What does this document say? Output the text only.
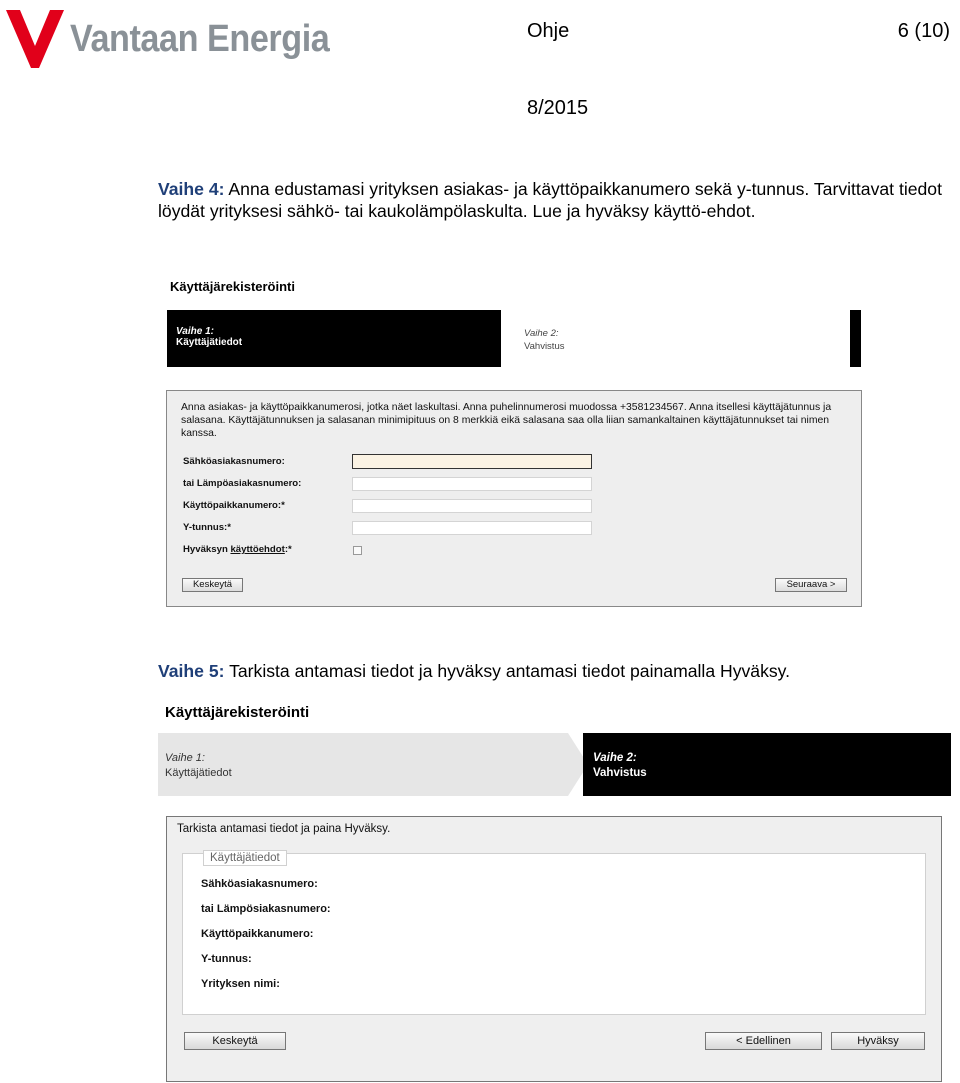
Vantaan Energia	Ohje	6 (10)
8/2015
Vaihe 4: Anna edustamasi yrityksen asiakas- ja käyttöpaikkanumero sekä y-tunnus. Tarvittavat tiedot löydät yrityksesi sähkö- tai kaukolämpölaskulta. Lue ja hyväksy käyttö-ehdot.
Käyttäjärekisteröinti
Vaihe 1:
Käyttäjätiedot
Vaihe 2:
Vahvistus
Anna asiakas- ja käyttöpaikkanumerosi, jotka näet laskultasi. Anna puhelinnumerosi muodossa +3581234567. Anna itsellesi käyttäjätunnus ja salasana. Käyttäjätunnuksen ja salasanan minimipituus on 8 merkkiä eikä salasana saa olla liian samankaltainen käyttäjätunnukset tai nimen kanssa.
Sähköasiakasnumero:
tai Lämpöasiakasnumero:
Käyttöpaikkanumero:*
Y-tunnus:*
Hyväksyn käyttöehdot:*
Keskeytä	Seuraava >
Vaihe 5: Tarkista antamasi tiedot ja hyväksy antamasi tiedot painamalla Hyväksy.
Käyttäjärekisteröinti
Vaihe 1:
Käyttäjätiedot
Vaihe 2:
Vahvistus
Tarkista antamasi tiedot ja paina Hyväksy.
Käyttäjätiedot
Sähköasiakasnumero:
tai Lämpösiakasnumero:
Käyttöpaikkanumero:
Y-tunnus:
Yrityksen nimi:
Keskeytä	< Edellinen	Hyväksy
